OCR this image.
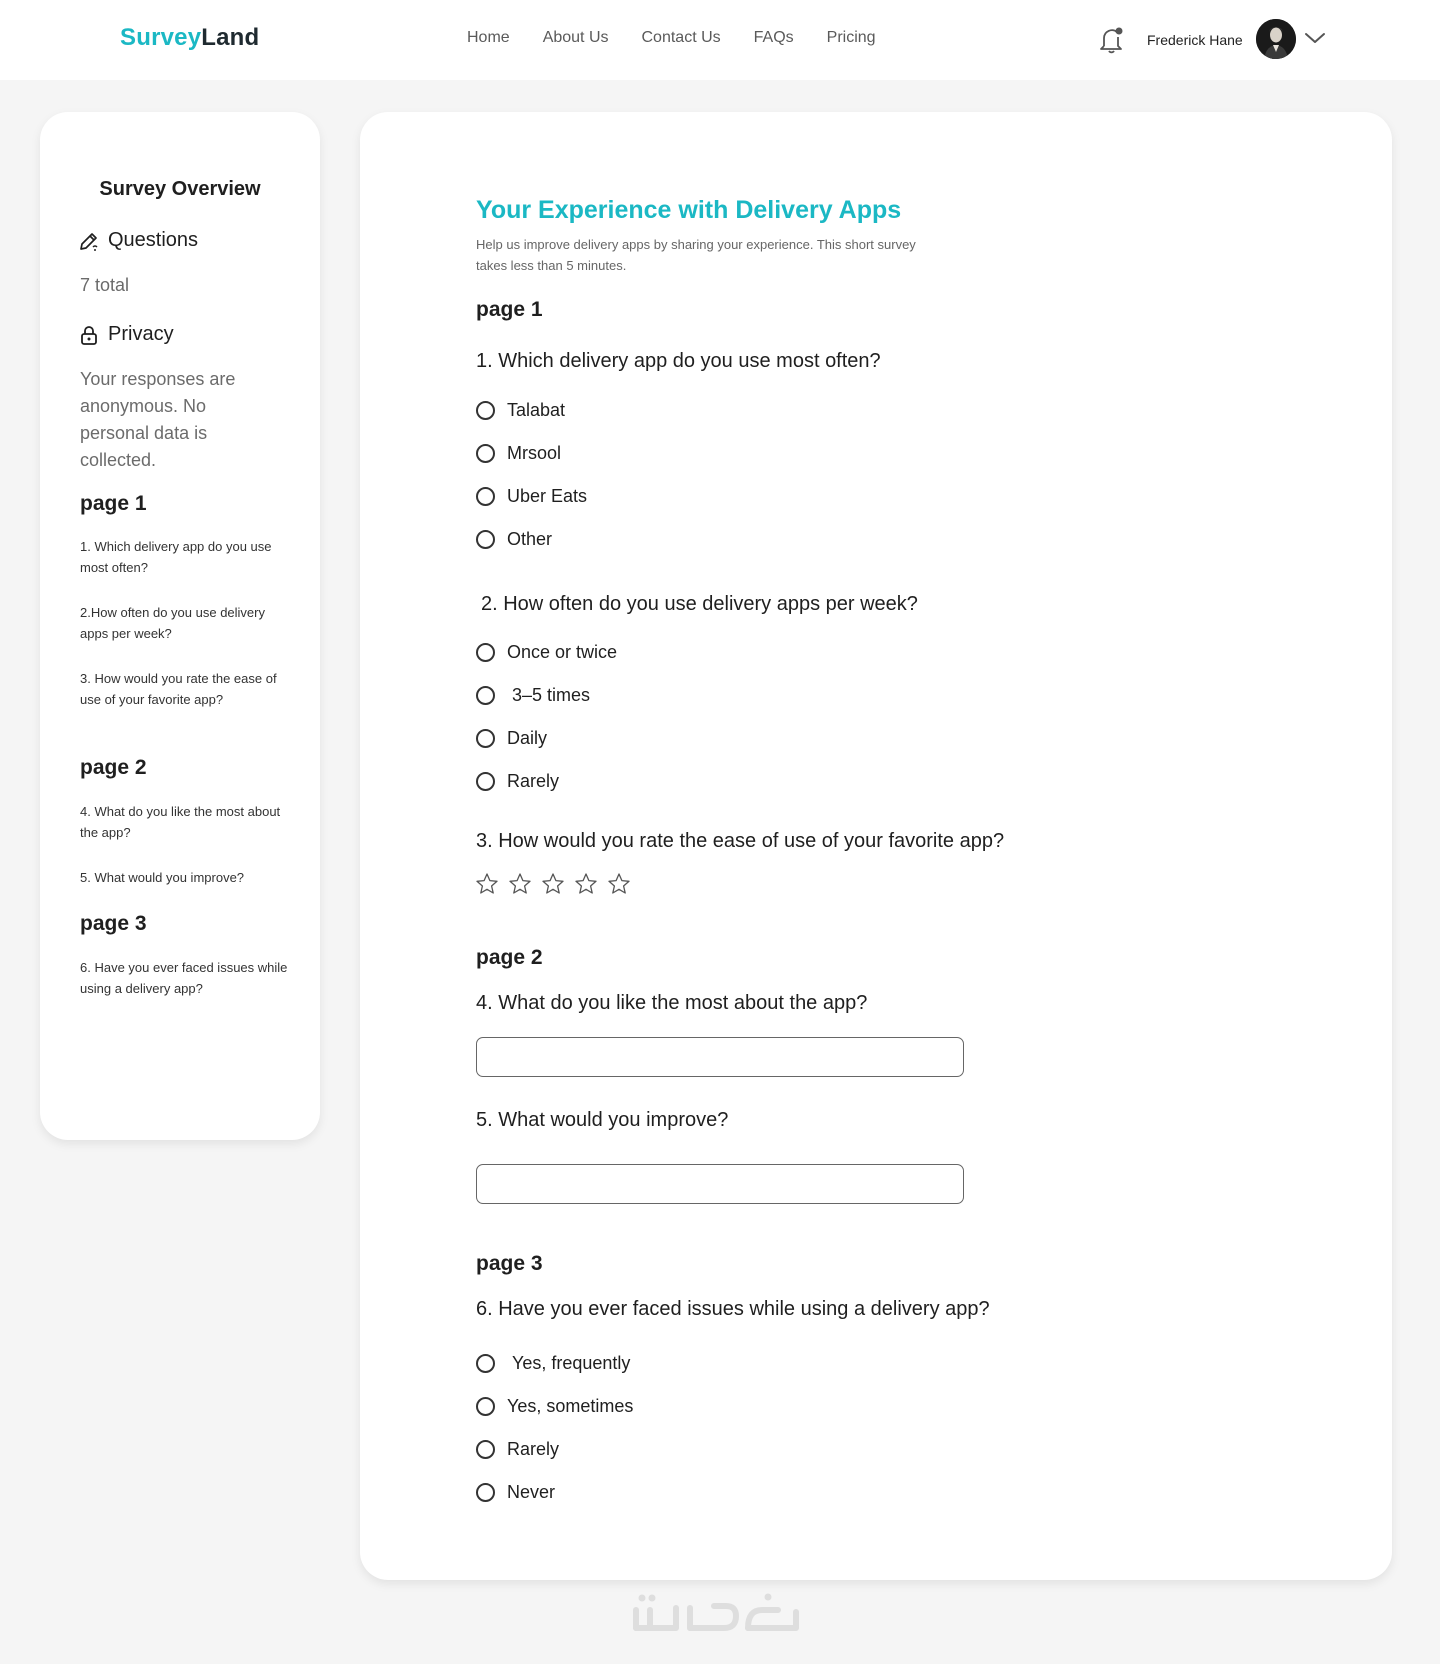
SurveyLand	Home About Us Contact Us FAQs Pricing	Frederick Hane
Survey Overview
Questions
7 total
Privacy
Your responses are anonymous. No personal data is collected.
page 1
1. Which delivery app do you use most often?
2.How often do you use delivery apps per week?
3. How would you rate the ease of use of your favorite app?
page 2
4. What do you like the most about the app?
5. What would you improve?
page 3
6. Have you ever faced issues while using a delivery app?
Your Experience with Delivery Apps
Help us improve delivery apps by sharing your experience. This short survey takes less than 5 minutes.
page 1
1. Which delivery app do you use most often?
Talabat
Mrsool
Uber Eats
Other
2. How often do you use delivery apps per week?
Once or twice
3–5 times
Daily
Rarely
3. How would you rate the ease of use of your favorite app?
page 2
4. What do you like the most about the app?
5. What would you improve?
page 3
6. Have you ever faced issues while using a delivery app?
Yes, frequently
Yes, sometimes
Rarely
Never
